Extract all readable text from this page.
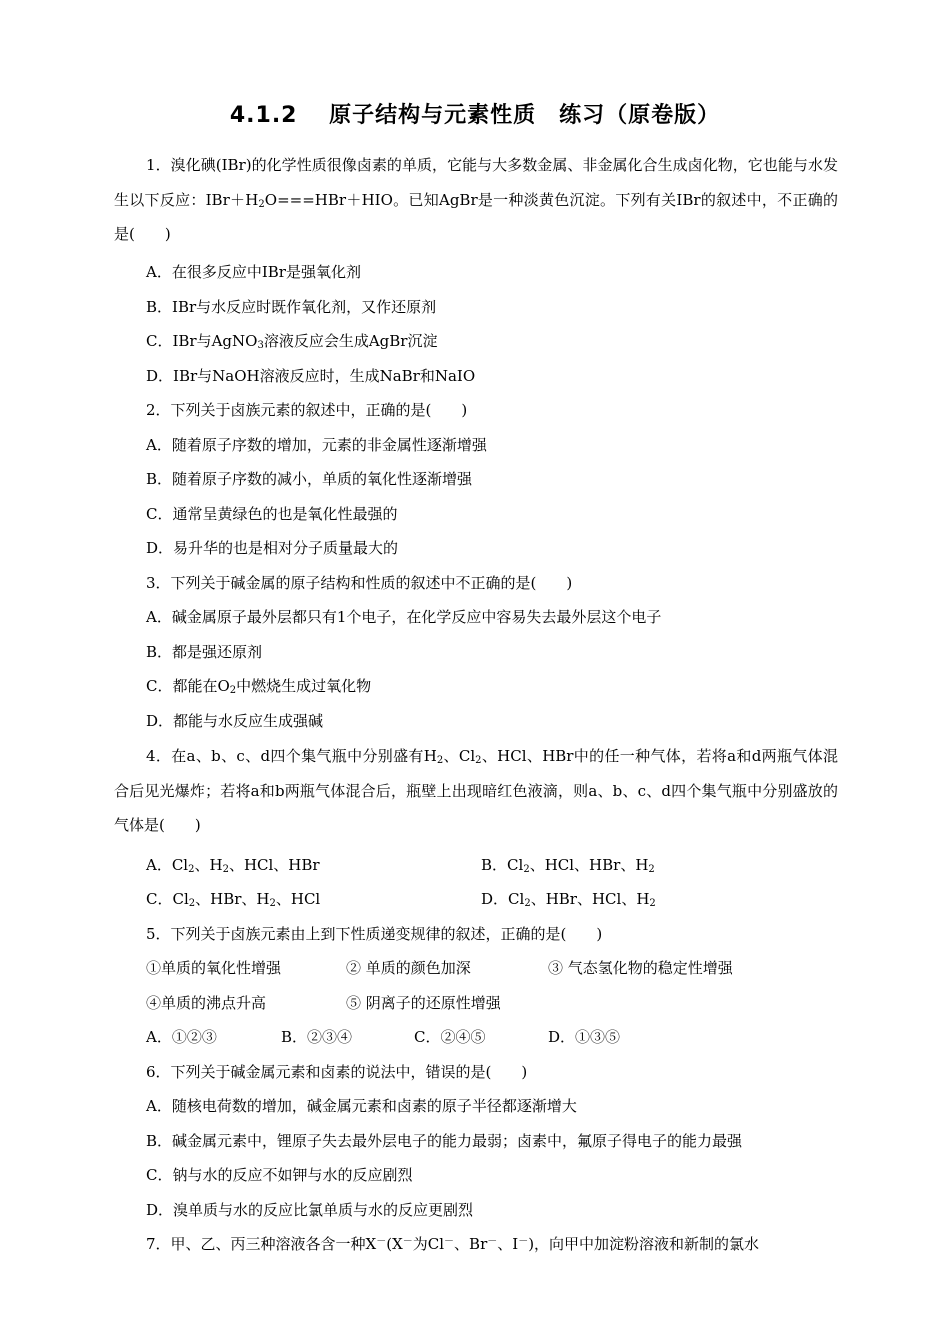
4.1.2　 原子结构与元素性质　练习（原卷版）

1．溴化碘(IBr)的化学性质很像卤素的单质，它能与大多数金属、非金属化合生成卤化物，它也能与水发生以下反应：$IBr+H_2O===HBr+HIO$。已知AgBr是一种淡黄色沉淀。下列有关IBr的叙述中，不正确的是(　　)

A．在很多反应中IBr是强氧化剂
B．IBr与水反应时既作氧化剂，又作还原剂
C．IBr与AgNO$_3$溶液反应会生成AgBr沉淀
D．IBr与NaOH溶液反应时，生成NaBr和NaIO
2．下列关于卤族元素的叙述中，正确的是(　　)
A．随着原子序数的增加，元素的非金属性逐渐增强
B．随着原子序数的减小，单质的氧化性逐渐增强
C．通常呈黄绿色的也是氧化性最强的
D．易升华的也是相对分子质量最大的
3．下列关于碱金属的原子结构和性质的叙述中不正确的是(　　)
A．碱金属原子最外层都只有1个电子，在化学反应中容易失去最外层这个电子
B．都是强还原剂
C．都能在$O_2$中燃烧生成过氧化物
D．都能与水反应生成强碱

4．在a、b、c、d四个集气瓶中分别盛有$H_2$、$Cl_2$、HCl、HBr中的任一种气体，若将a和d两瓶气体混合后见光爆炸；若将a和b两瓶气体混合后，瓶壁上出现暗红色液滴，则a、b、c、d四个集气瓶中分别盛放的气体是(　　)

A．$Cl_2$、$H_2$、HCl、HBr	B．$Cl_2$、HCl、HBr、$H_2$
C．$Cl_2$、HBr、$H_2$、HCl	D．$Cl_2$、HBr、HCl、$H_2$
5．下列关于卤族元素由上到下性质递变规律的叙述，正确的是(　　)
①单质的氧化性增强	② 单质的颜色加深	③ 气态氢化物的稳定性增强
④单质的沸点升高	⑤ 阴离子的还原性增强
A．①②③	B．②③④	C．②④⑤	D．①③⑤
6．下列关于碱金属元素和卤素的说法中，错误的是(　　)
A．随核电荷数的增加，碱金属元素和卤素的原子半径都逐渐增大
B．碱金属元素中，锂原子失去最外层电子的能力最弱；卤素中，氟原子得电子的能力最强
C．钠与水的反应不如钾与水的反应剧烈
D．溴单质与水的反应比氯单质与水的反应更剧烈
7．甲、乙、丙三种溶液各含一种X－(X－为Cl－、Br－、I－)，向甲中加淀粉溶液和新制的氯水
